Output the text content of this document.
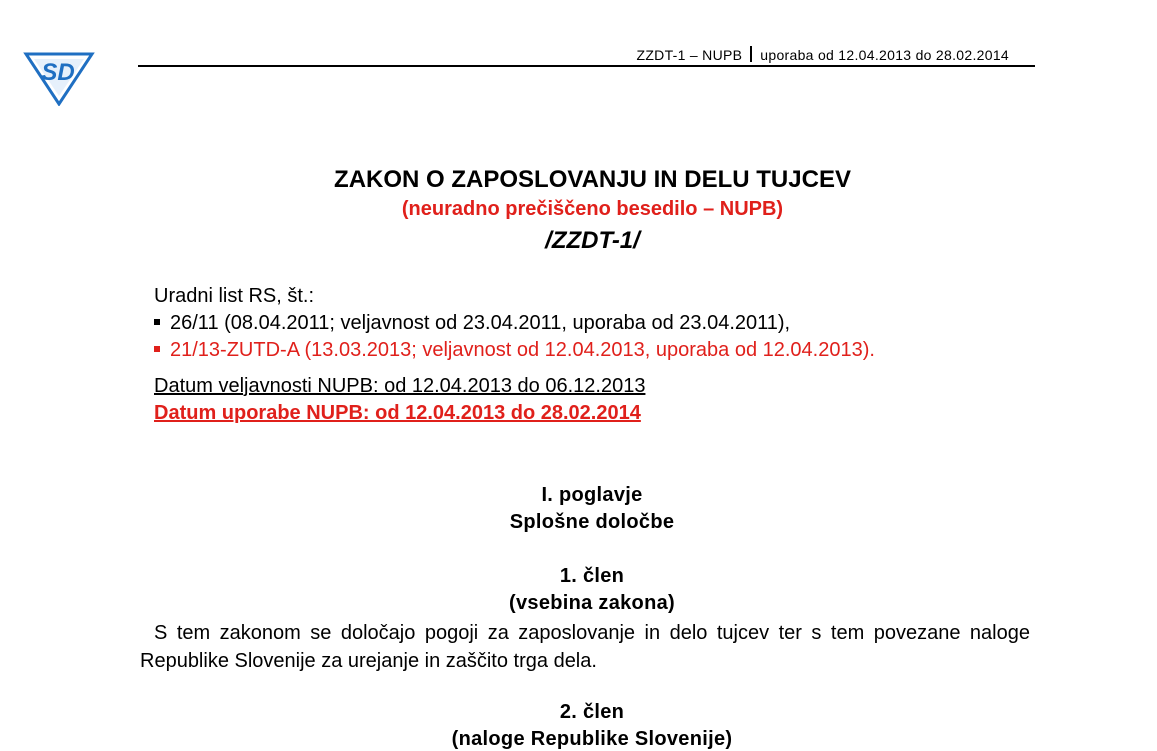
SD
ZZDT-1 – NUPB uporaba od 12.04.2013 do 28.02.2014
ZAKON O ZAPOSLOVANJU IN DELU TUJCEV
(neuradno prečiščeno besedilo – NUPB)
/ZZDT-1/
Uradni list RS, št.:
26/11 (08.04.2011; veljavnost od 23.04.2011, uporaba od 23.04.2011),
21/13-ZUTD-A (13.03.2013; veljavnost od 12.04.2013, uporaba od 12.04.2013).
Datum veljavnosti NUPB: od 12.04.2013 do 06.12.2013
Datum uporabe NUPB: od 12.04.2013 do 28.02.2014
I. poglavje
Splošne določbe
1. člen
(vsebina zakona)
S tem zakonom se določajo pogoji za zaposlovanje in delo tujcev ter s tem povezane naloge Republike Slovenije za urejanje in zaščito trga dela.
2. člen
(naloge Republike Slovenije)
